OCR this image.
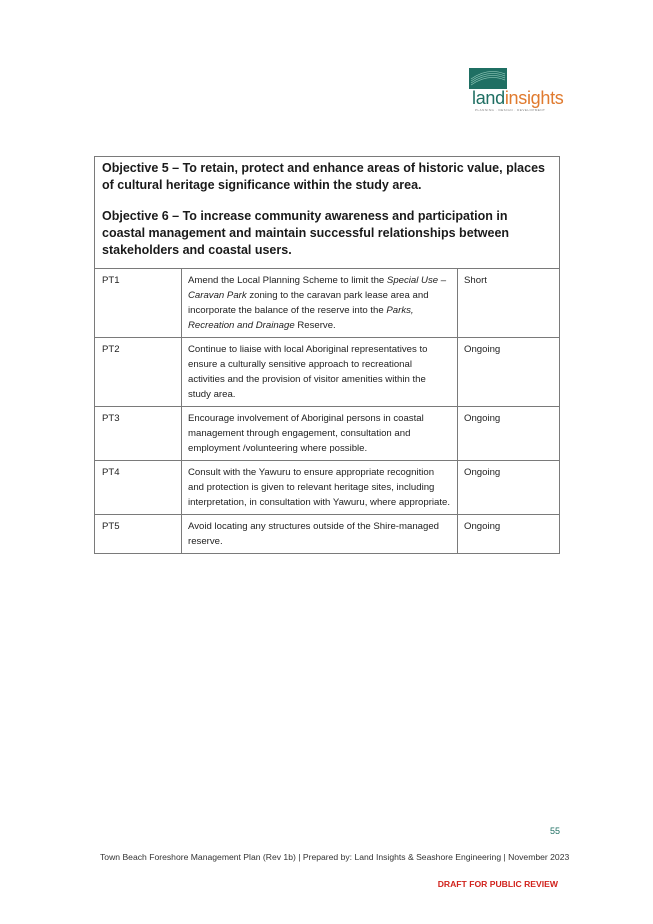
landinsights
PLANNING · DESIGN · DEVELOPMENT

Objective 5 – To retain, protect and enhance areas of historic value, places of cultural heritage significance within the study area.

Objective 6 – To increase community awareness and participation in coastal management and maintain successful relationships between stakeholders and coastal users.

PT1	Amend the Local Planning Scheme to limit the Special Use – Caravan Park zoning to the caravan park lease area and incorporate the balance of the reserve into the Parks, Recreation and Drainage Reserve.	Short
PT2	Continue to liaise with local Aboriginal representatives to ensure a culturally sensitive approach to recreational activities and the provision of visitor amenities within the study area.	Ongoing
PT3	Encourage involvement of Aboriginal persons in coastal management through engagement, consultation and employment /volunteering where possible.	Ongoing
PT4	Consult with the Yawuru to ensure appropriate recognition and protection is given to relevant heritage sites, including interpretation, in consultation with Yawuru, where appropriate.	Ongoing
PT5	Avoid locating any structures outside of the Shire-managed reserve.	Ongoing
55
Town Beach Foreshore Management Plan (Rev 1b) | Prepared by: Land Insights & Seashore Engineering | November 2023
DRAFT FOR PUBLIC REVIEW
